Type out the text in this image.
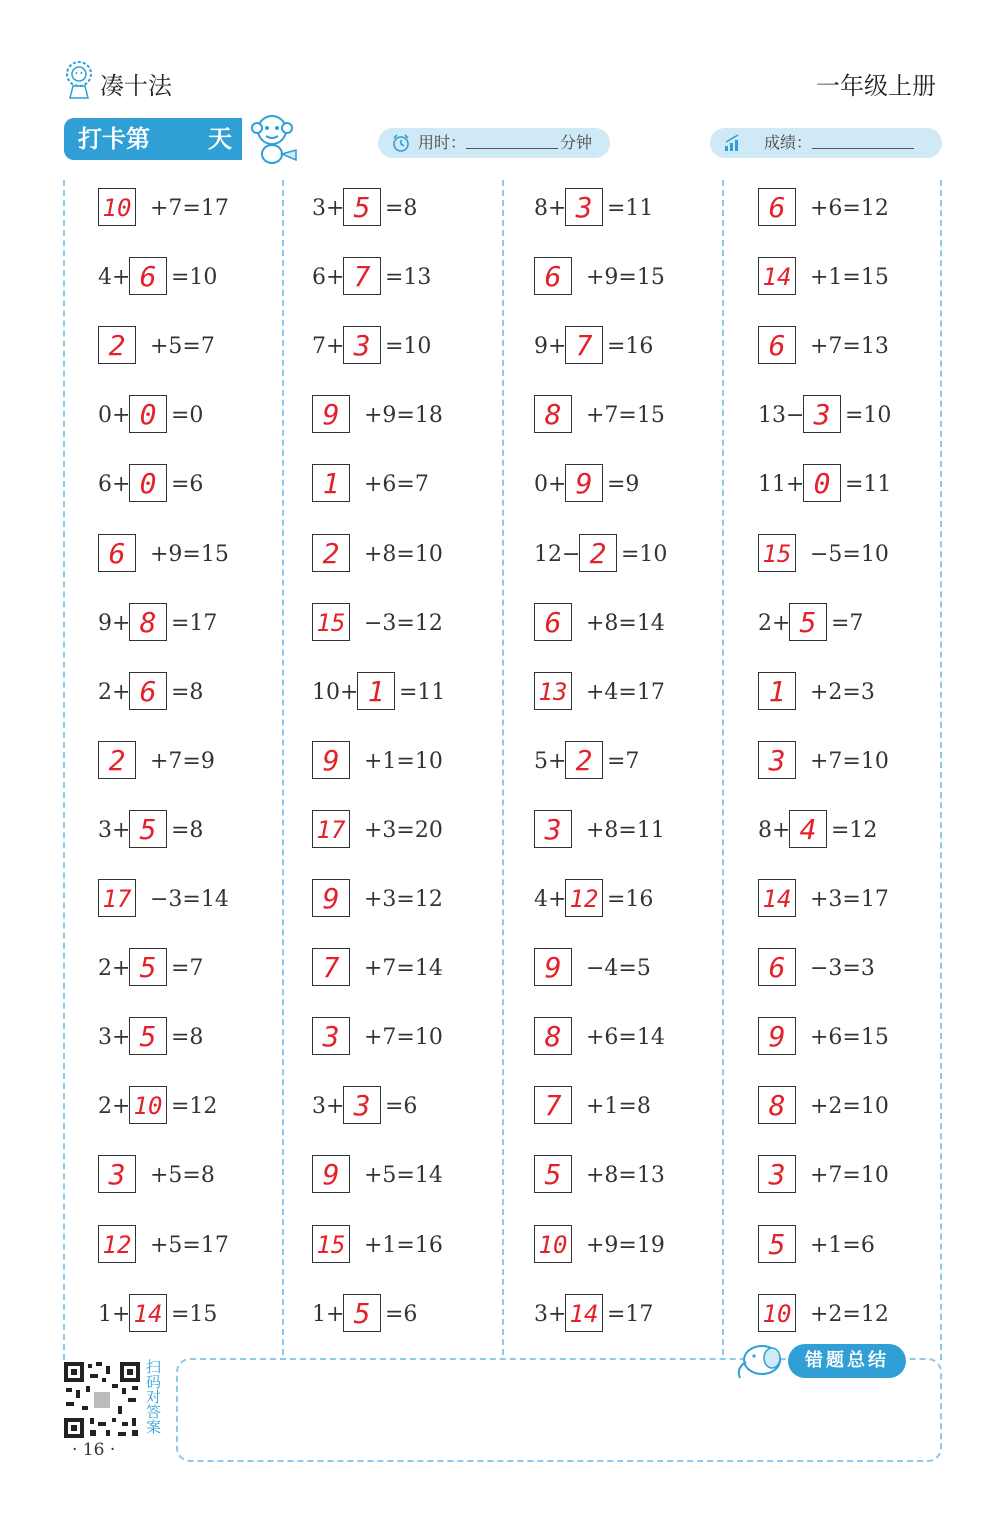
凑十法	一年级上册
打卡第 天	用时：	分钟	成绩：
10 +7=17
4+ 6 =10
2	+5=7
0+ 0 =0
6+ 0 =6
6	+9=15
9+ 8 =17
2+ 6 =8
2	+7=9
3+ 5 =8
17 −3=14
2+ 5 =7
3+ 5 =8
2+ 10 =12
3	+5=8
12 +5=17
1+ 14 =15
3+ 5 =8
6+ 7 =13
7+ 3 =10
9	+9=18
1	+6=7
2	+8=10
15 −3=12
10+ 1 =11
9	+1=10
17 +3=20
9	+3=12
7	+7=14
3	+7=10
3+ 3 =6
9	+5=14
15 +1=16
1+ 5 =6
8+ 3 =11
6	+9=15
9+ 7 =16
8	+7=15
0+ 9 =9
12− 2 =10
6	+8=14
13 +4=17
5+ 2 =7
3	+8=11
4+ 12 =16
9	−4=5
8	+6=14
7	+1=8
5	+8=13
10 +9=19
3+ 14 =17
6	+6=12
14 +1=15
6	+7=13
13− 3 =10
11+ 0 =11
15 −5=10
2+ 5 =7
1	+2=3
3	+7=10
8+ 4 =12
14 +3=17
6	−3=3
9	+6=15
8	+2=10
3	+7=10
5	+1=6
10 +2=12
错题总结
扫码对答案
· 16 ·
